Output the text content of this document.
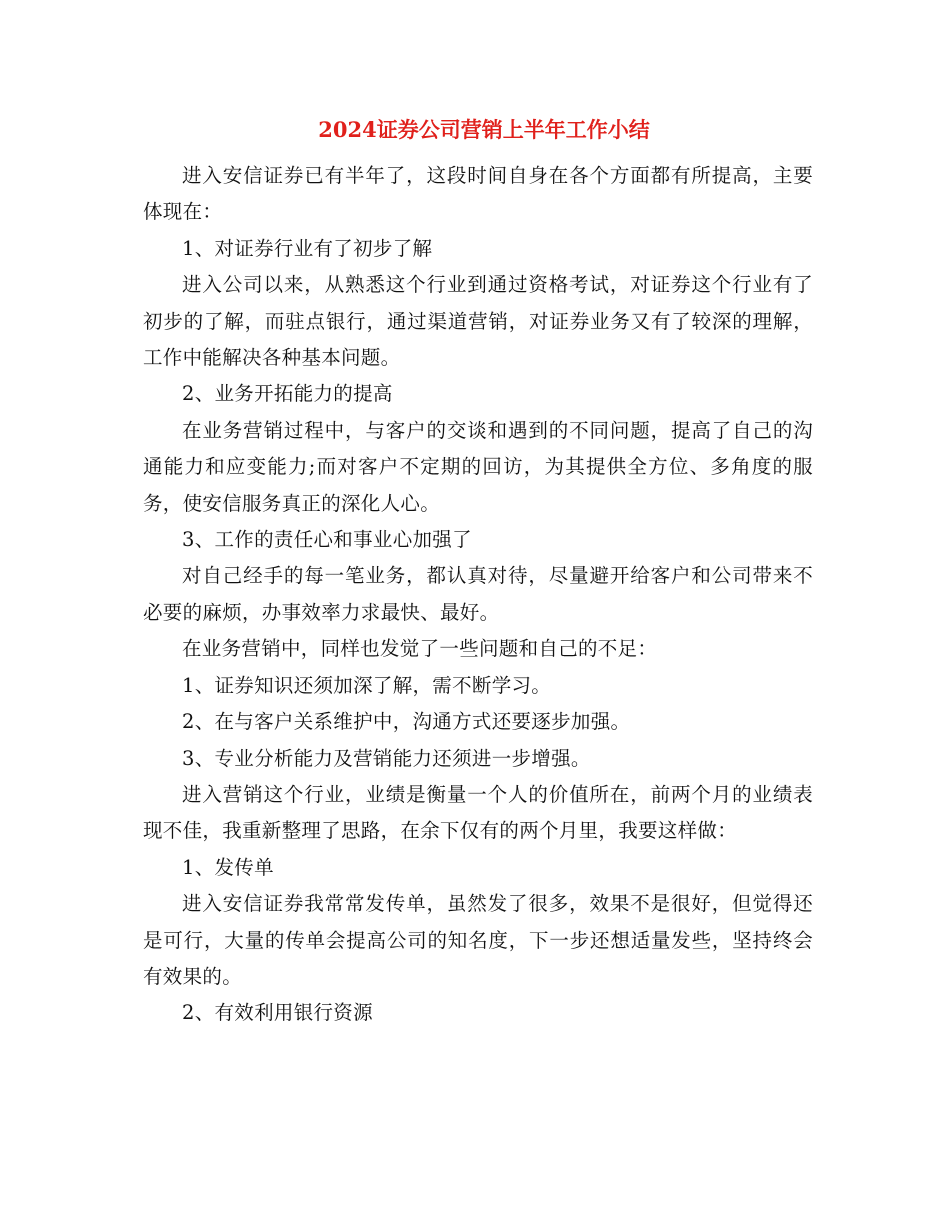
2024证券公司营销上半年工作小结

进入安信证券已有半年了，这段时间自身在各个方面都有所提高，主要体现在：

1、对证券行业有了初步了解

进入公司以来，从熟悉这个行业到通过资格考试，对证券这个行业有了初步的了解，而驻点银行，通过渠道营销，对证券业务又有了较深的理解，工作中能解决各种基本问题。

2、业务开拓能力的提高

在业务营销过程中，与客户的交谈和遇到的不同问题，提高了自己的沟通能力和应变能力;而对客户不定期的回访，为其提供全方位、多角度的服务，使安信服务真正的深化人心。

3、工作的责任心和事业心加强了

对自己经手的每一笔业务，都认真对待，尽量避开给客户和公司带来不必要的麻烦，办事效率力求最快、最好。

在业务营销中，同样也发觉了一些问题和自己的不足：

1、证券知识还须加深了解，需不断学习。

2、在与客户关系维护中，沟通方式还要逐步加强。

3、专业分析能力及营销能力还须进一步增强。

进入营销这个行业，业绩是衡量一个人的价值所在，前两个月的业绩表现不佳，我重新整理了思路，在余下仅有的两个月里，我要这样做：

1、发传单

进入安信证券我常常发传单，虽然发了很多，效果不是很好，但觉得还是可行，大量的传单会提高公司的知名度，下一步还想适量发些，坚持终会有效果的。

2、有效利用银行资源
